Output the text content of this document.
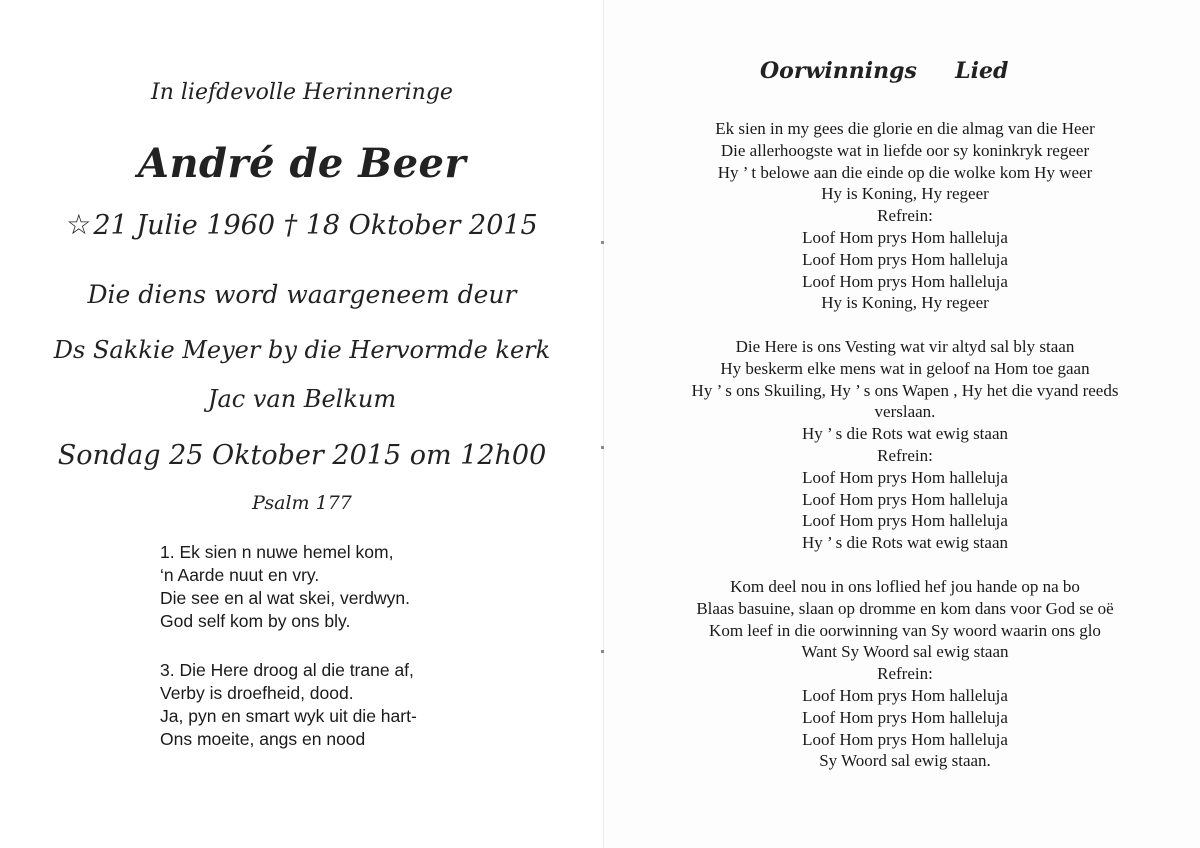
In liefdevolle Herinneringe
André de Beer
☆21 Julie 1960 † 18 Oktober 2015
Die diens word waargeneem deur
Ds Sakkie Meyer by die Hervormde kerk
Jac van Belkum
Sondag 25 Oktober 2015 om 12h00
Psalm 177
1. Ek sien n nuwe hemel kom,
‘n Aarde nuut en vry.
Die see en al wat skei, verdwyn.
God self kom by ons bly.
3. Die Here droog al die trane af,
Verby is droefheid, dood.
Ja, pyn en smart wyk uit die hart-
Ons moeite, angs en nood
Oorwinnings     Lied
Ek sien in my gees die glorie en die almag van die Heer
Die allerhoogste wat in liefde oor sy koninkryk regeer
Hy ’ t belowe aan die einde op die wolke kom Hy weer
Hy is Koning, Hy regeer
Refrein:
Loof Hom prys Hom halleluja
Loof Hom prys Hom halleluja
Loof Hom prys Hom halleluja
Hy is Koning, Hy regeer
Die Here is ons Vesting wat vir altyd sal bly staan
Hy beskerm elke mens wat in geloof na Hom toe gaan
Hy ’ s ons Skuiling, Hy ’ s ons Wapen , Hy het die vyand reeds
verslaan.
Hy ’ s die Rots wat ewig staan
Refrein:
Loof Hom prys Hom halleluja
Loof Hom prys Hom halleluja
Loof Hom prys Hom halleluja
Hy ’ s die Rots wat ewig staan
Kom deel nou in ons loflied hef jou hande op na bo
Blaas basuine, slaan op dromme en kom dans voor God se oë
Kom leef in die oorwinning van Sy woord waarin ons glo
Want Sy Woord sal ewig staan
Refrein:
Loof Hom prys Hom halleluja
Loof Hom prys Hom halleluja
Loof Hom prys Hom halleluja
Sy Woord sal ewig staan.
